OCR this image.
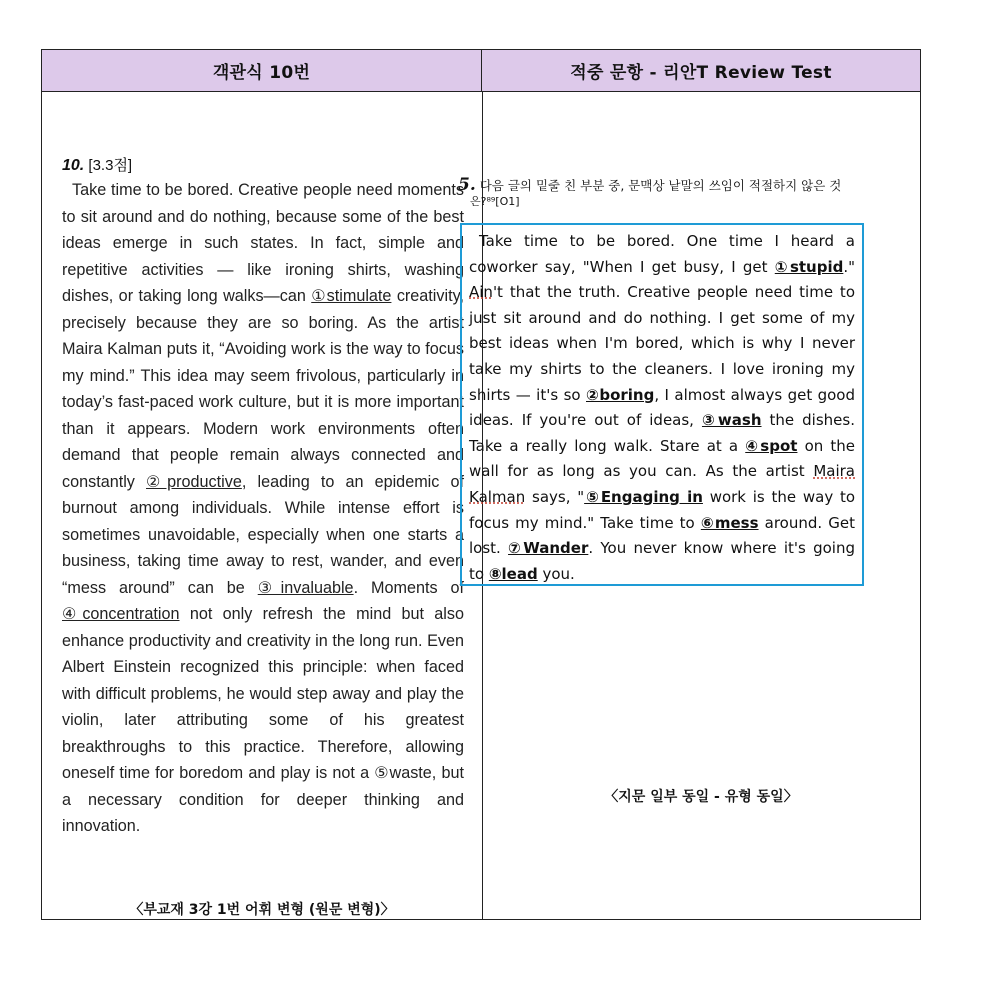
객관식 10번	적중 문항 - 리안T Review Test
10. [3.3점]

Take time to be bored. Creative people need moments to sit around and do nothing, because some of the best ideas emerge in such states. In fact, simple and repetitive activities — like ironing shirts, washing dishes, or taking long walks—can ①stimulate creativity, precisely because they are so boring. As the artist Maira Kalman puts it, “Avoiding work is the way to focus my mind.” This idea may seem frivolous, particularly in today’s fast-paced work culture, but it is more important than it appears. Modern work environments often demand that people remain always connected and constantly ②productive, leading to an epidemic of burnout among individuals. While intense effort is sometimes unavoidable, especially when one starts a business, taking time away to rest, wander, and even “mess around” can be ③invaluable. Moments of ④concentration not only refresh the mind but also enhance productivity and creativity in the long run. Even Albert Einstein recognized this principle: when faced with difficult problems, he would step away and play the violin, later attributing some of his greatest breakthroughs to this practice. Therefore, allowing oneself time for boredom and play is not a ⑤waste, but a necessary condition for deeper thinking and innovation.

〈부교재 3강 1번 어휘 변형 (원문 변형)〉
〈지문 일부 동일 - 유형 동일〉
5. 다음 글의 밑줄 친 부분 중, 문맥상 낱말의 쓰임이 적절하지 않은 것
은?⁸⁹[O1]

Take time to be bored. One time I heard a coworker say, "When I get busy, I get ①stupid." Ain't that the truth. Creative people need time to just sit around and do nothing. I get some of my best ideas when I'm bored, which is why I never take my shirts to the cleaners. I love ironing my shirts — it's so ②boring, I almost always get good ideas. If you're out of ideas, ③wash the dishes. Take a really long walk. Stare at a ④spot on the wall for as long as you can. As the artist Maira Kalman says, "⑤Engaging in work is the way to focus my mind." Take time to ⑥mess around. Get lost. ⑦Wander. You never know where it's going to ⑧lead you.
